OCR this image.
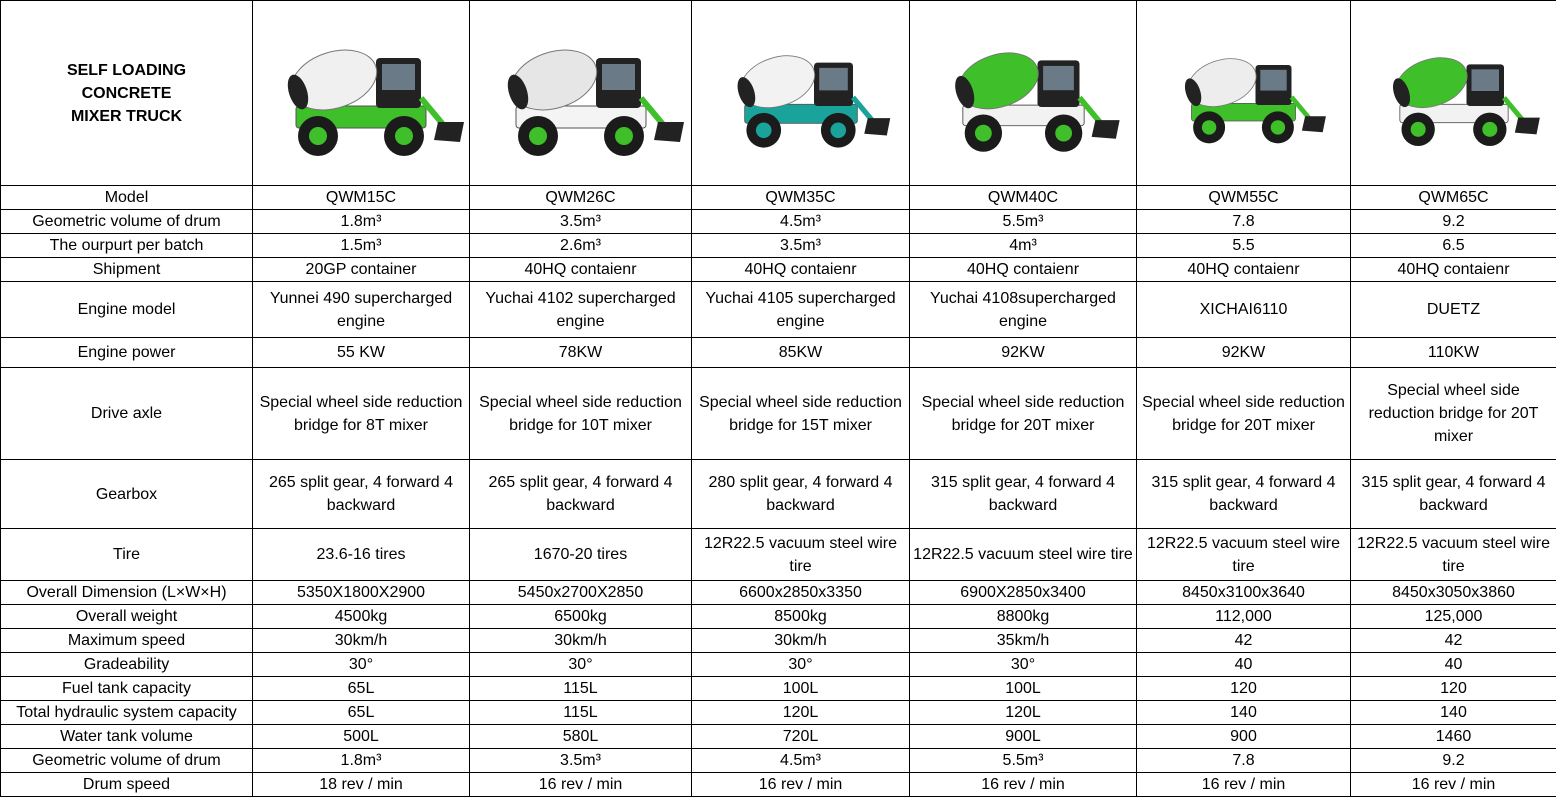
SELF LOADING
CONCRETE
MIXER TRUCK

Model	QWM15C	QWM26C	QWM35C	QWM40C	QWM55C	QWM65C
Geometric volume of drum	1.8m³	3.5m³	4.5m³	5.5m³	7.8	9.2
The ourpurt per batch	1.5m³	2.6m³	3.5m³	4m³	5.5	6.5
Shipment	20GP container	40HQ contaienr	40HQ contaienr	40HQ contaienr	40HQ contaienr	40HQ contaienr
Engine model	Yunnei 490 supercharged engine	Yuchai 4102 supercharged engine	Yuchai 4105 supercharged engine	Yuchai 4108supercharged engine	XICHAI6110	DUETZ
Engine power	55 KW	78KW	85KW	92KW	92KW	110KW
Drive axle	Special wheel side reduction bridge for 8T mixer	Special wheel side reduction bridge for 10T mixer	Special wheel side reduction bridge for 15T mixer	Special wheel side reduction bridge for 20T mixer	Special wheel side reduction bridge for 20T mixer	Special wheel side reduction bridge for 20T mixer
Gearbox	265 split gear, 4 forward 4 backward	265 split gear, 4 forward 4 backward	280 split gear, 4 forward 4 backward	315 split gear, 4 forward 4 backward	315 split gear, 4 forward 4 backward	315 split gear, 4 forward 4 backward
Tire	23.6-16 tires	1670-20 tires	12R22.5 vacuum steel wire tire	12R22.5 vacuum steel wire tire	12R22.5 vacuum steel wire tire	12R22.5 vacuum steel wire tire
Overall Dimension (L×W×H)	5350X1800X2900	5450x2700X2850	6600x2850x3350	6900X2850x3400	8450x3100x3640	8450x3050x3860
Overall weight	4500kg	6500kg	8500kg	8800kg	112,000	125,000
Maximum speed	30km/h	30km/h	30km/h	35km/h	42	42
Gradeability	30°	30°	30°	30°	40	40
Fuel tank capacity	65L	115L	100L	100L	120	120
Total hydraulic system capacity	65L	115L	120L	120L	140	140
Water tank volume	500L	580L	720L	900L	900	1460
Geometric volume of drum	1.8m³	3.5m³	4.5m³	5.5m³	7.8	9.2
Drum speed	18 rev / min	16 rev / min	16 rev / min	16 rev / min	16 rev / min	16 rev / min
